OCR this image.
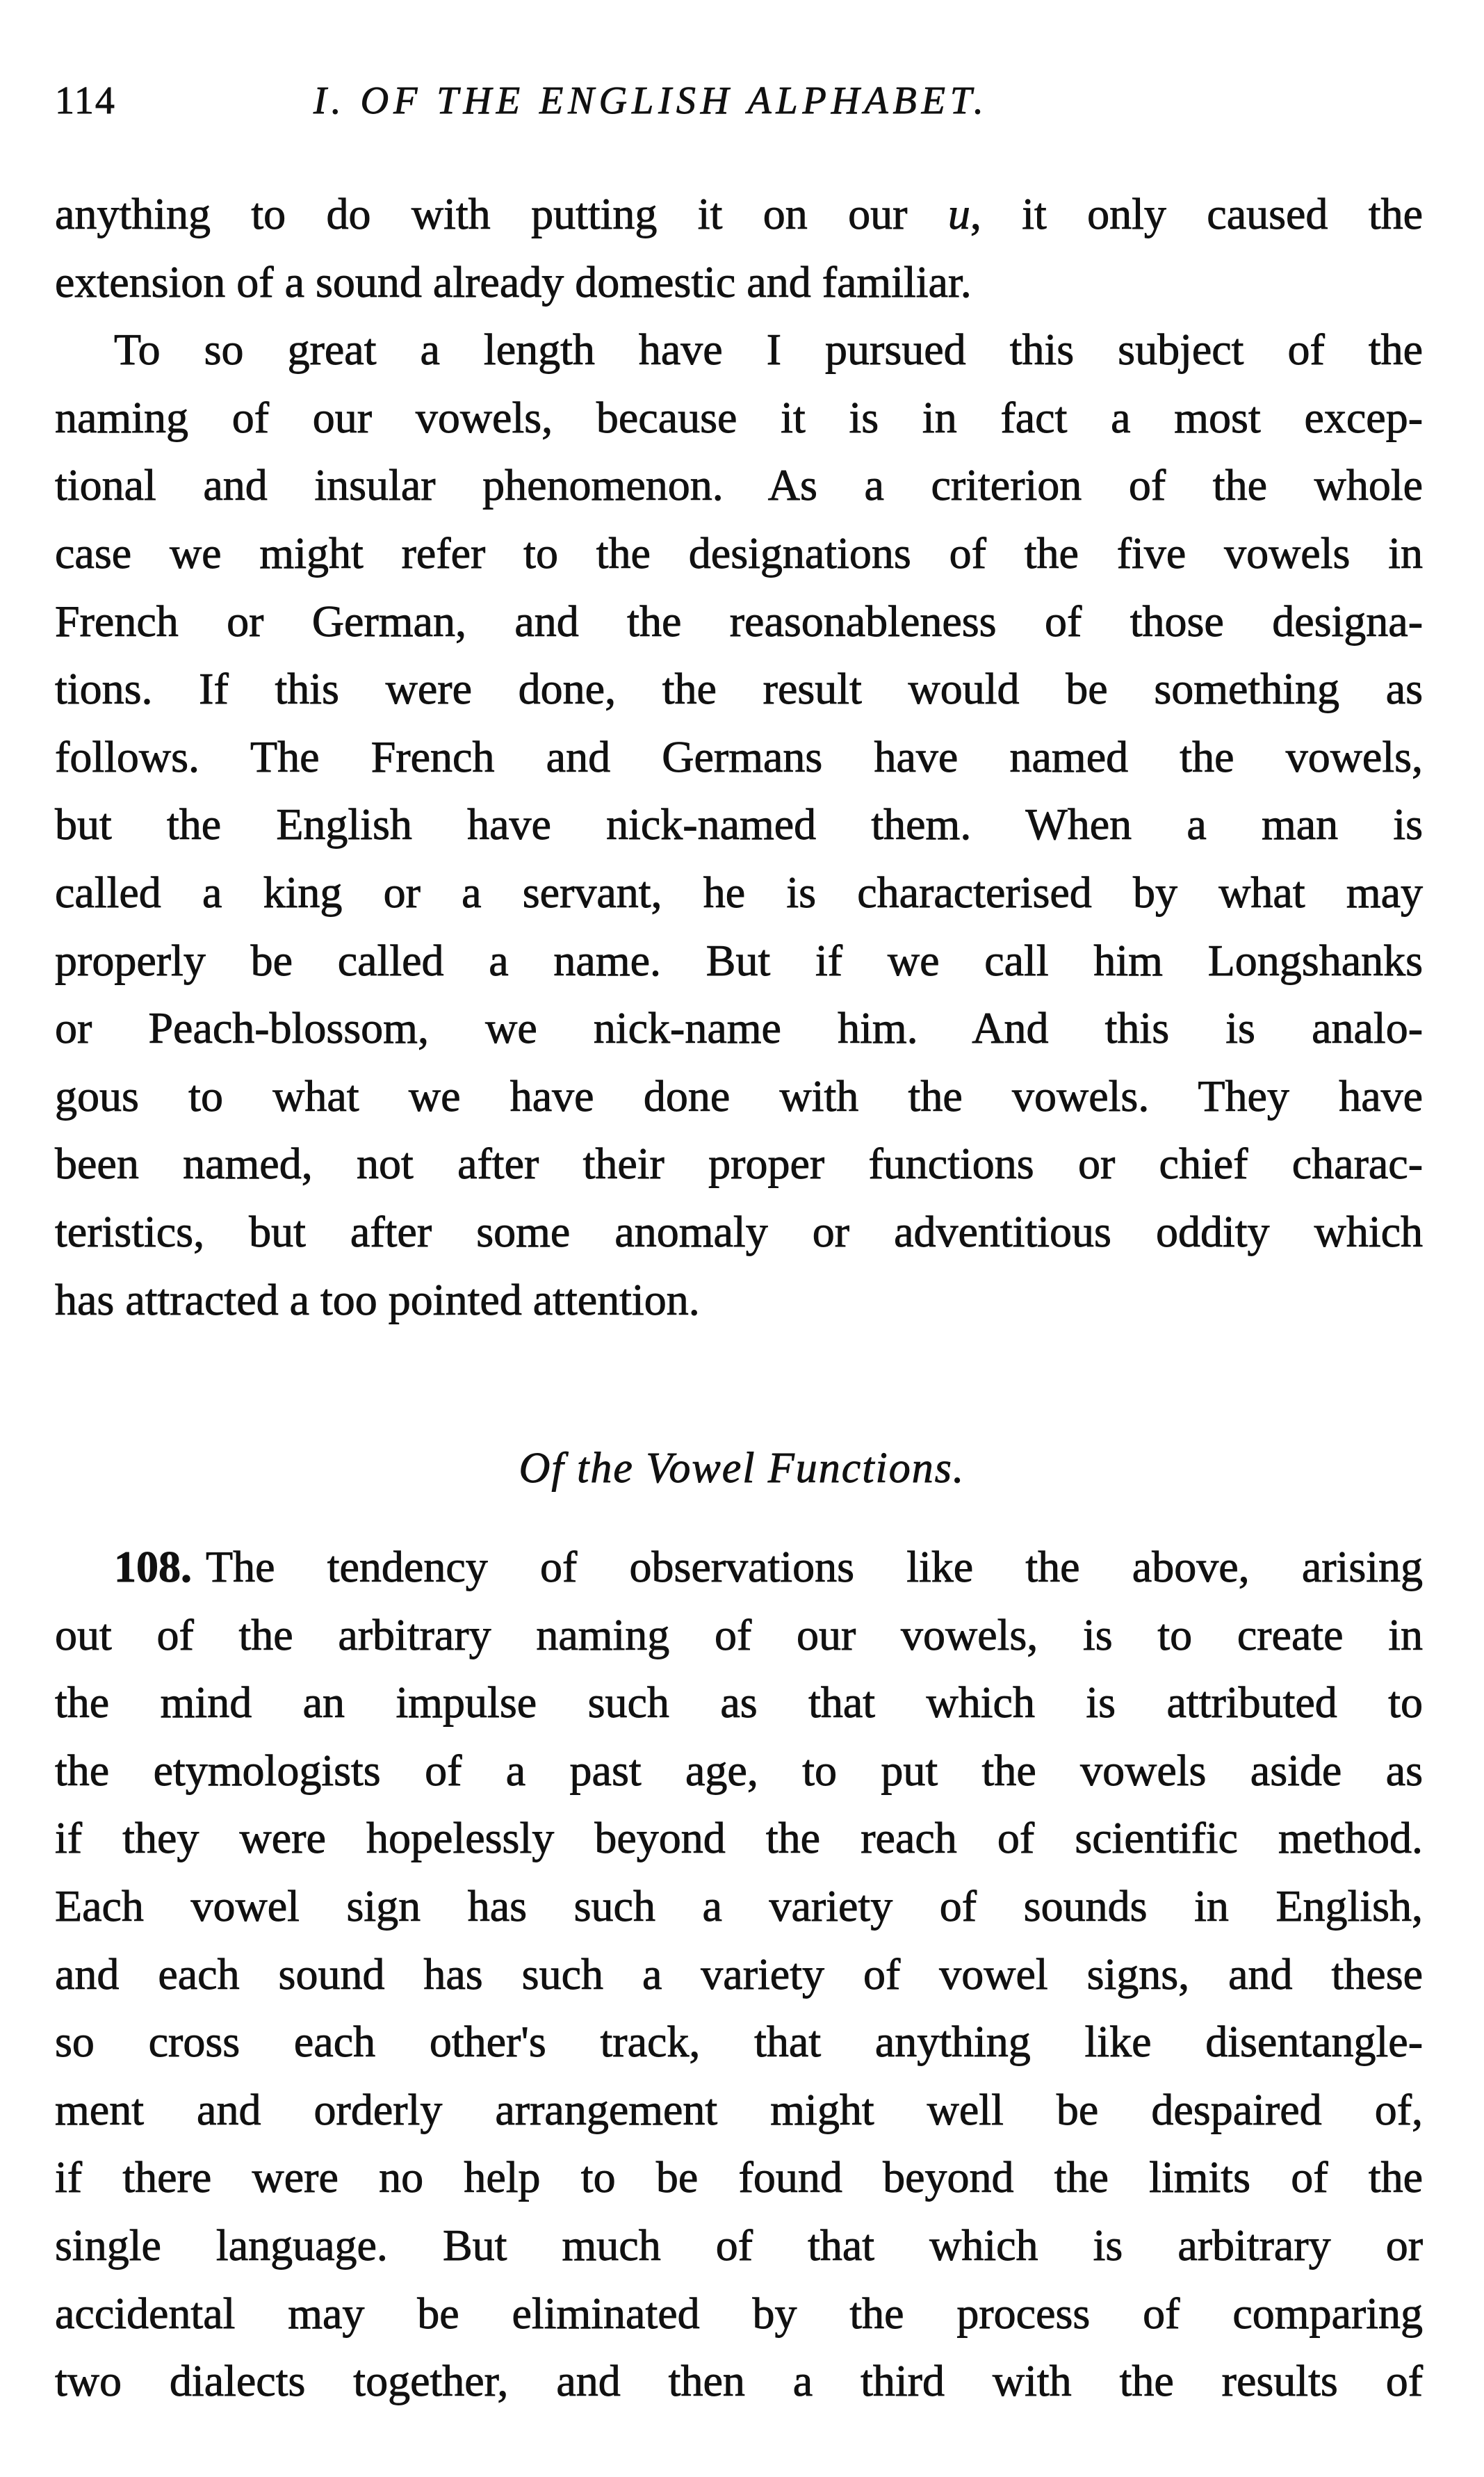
114	I. OF THE ENGLISH ALPHABET.
anything to do with putting it on our u, it only caused the
extension of a sound already domestic and familiar.
To so great a length have I pursued this subject of the
naming of our vowels, because it is in fact a most excep-
tional and insular phenomenon. As a criterion of the whole
case we might refer to the designations of the five vowels in
French or German, and the reasonableness of those designa-
tions. If this were done, the result would be something as
follows. The French and Germans have named the vowels,
but the English have nick-named them. When a man is
called a king or a servant, he is characterised by what may
properly be called a name. But if we call him Longshanks
or Peach-blossom, we nick-name him. And this is analo-
gous to what we have done with the vowels. They have
been named, not after their proper functions or chief charac-
teristics, but after some anomaly or adventitious oddity which
has attracted a too pointed attention.
Of the Vowel Functions.
108. The tendency of observations like the above, arising
out of the arbitrary naming of our vowels, is to create in
the mind an impulse such as that which is attributed to
the etymologists of a past age, to put the vowels aside as
if they were hopelessly beyond the reach of scientific method.
Each vowel sign has such a variety of sounds in English,
and each sound has such a variety of vowel signs, and these
so cross each other's track, that anything like disentangle-
ment and orderly arrangement might well be despaired of,
if there were no help to be found beyond the limits of the
single language. But much of that which is arbitrary or
accidental may be eliminated by the process of comparing
two dialects together, and then a third with the results of
